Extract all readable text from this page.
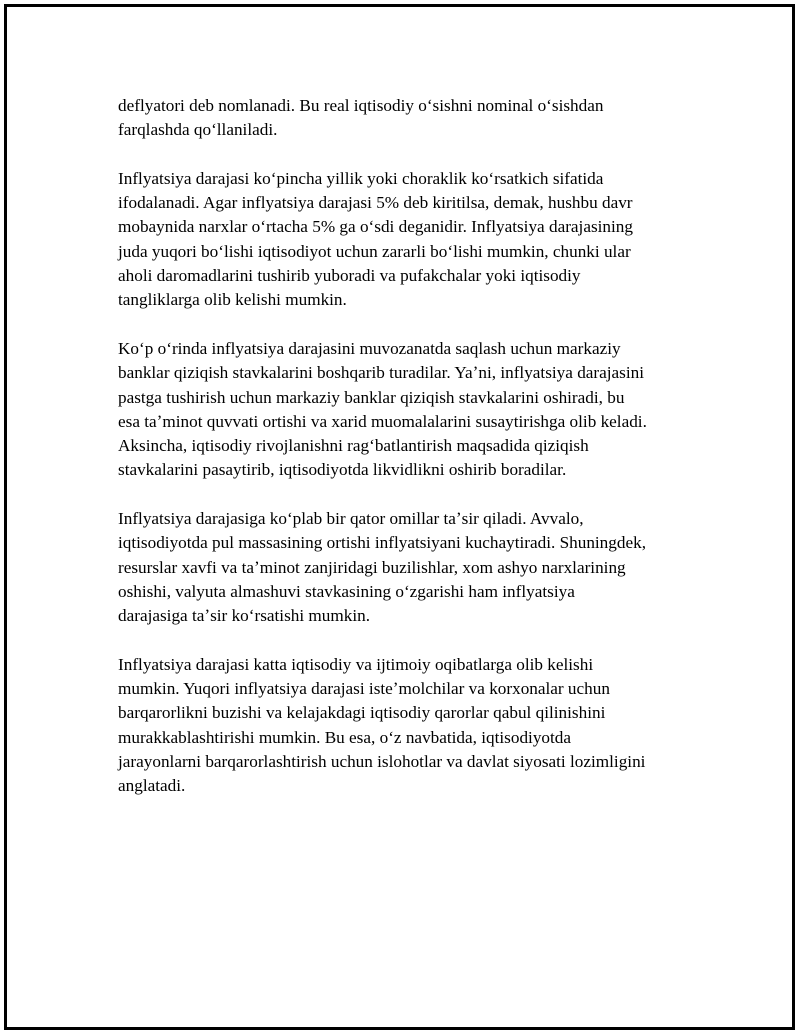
deflyatori deb nomlanadi. Bu real iqtisodiy oʻsishni nominal oʻsishdan
farqlashda qoʻllaniladi.

Inflyatsiya darajasi koʻpincha yillik yoki choraklik koʻrsatkich sifatida
ifodalanadi. Agar inflyatsiya darajasi 5% deb kiritilsa, demak, hushbu davr
mobaynida narxlar oʻrtacha 5% ga oʻsdi deganidir. Inflyatsiya darajasining
juda yuqori boʻlishi iqtisodiyot uchun zararli boʻlishi mumkin, chunki ular
aholi daromadlarini tushirib yuboradi va pufakchalar yoki iqtisodiy
tangliklarga olib kelishi mumkin.

Koʻp oʻrinda inflyatsiya darajasini muvozanatda saqlash uchun markaziy
banklar qiziqish stavkalarini boshqarib turadilar. Yaʼni, inflyatsiya darajasini
pastga tushirish uchun markaziy banklar qiziqish stavkalarini oshiradi, bu
esa taʼminot quvvati ortishi va xarid muomalalarini susaytirishga olib keladi.
Aksincha, iqtisodiy rivojlanishni ragʻbatlantirish maqsadida qiziqish
stavkalarini pasaytirib, iqtisodiyotda likvidlikni oshirib boradilar.

Inflyatsiya darajasiga koʻplab bir qator omillar taʼsir qiladi. Avvalo,
iqtisodiyotda pul massasining ortishi inflyatsiyani kuchaytiradi. Shuningdek,
resurslar xavfi va taʼminot zanjiridagi buzilishlar, xom ashyo narxlarining
oshishi, valyuta almashuvi stavkasining oʻzgarishi ham inflyatsiya
darajasiga taʼsir koʻrsatishi mumkin.

Inflyatsiya darajasi katta iqtisodiy va ijtimoiy oqibatlarga olib kelishi
mumkin. Yuqori inflyatsiya darajasi isteʼmolchilar va korxonalar uchun
barqarorlikni buzishi va kelajakdagi iqtisodiy qarorlar qabul qilinishini
murakkablashtirishi mumkin. Bu esa, oʻz navbatida, iqtisodiyotda
jarayonlarni barqarorlashtirish uchun islohotlar va davlat siyosati lozimligini
anglatadi.
